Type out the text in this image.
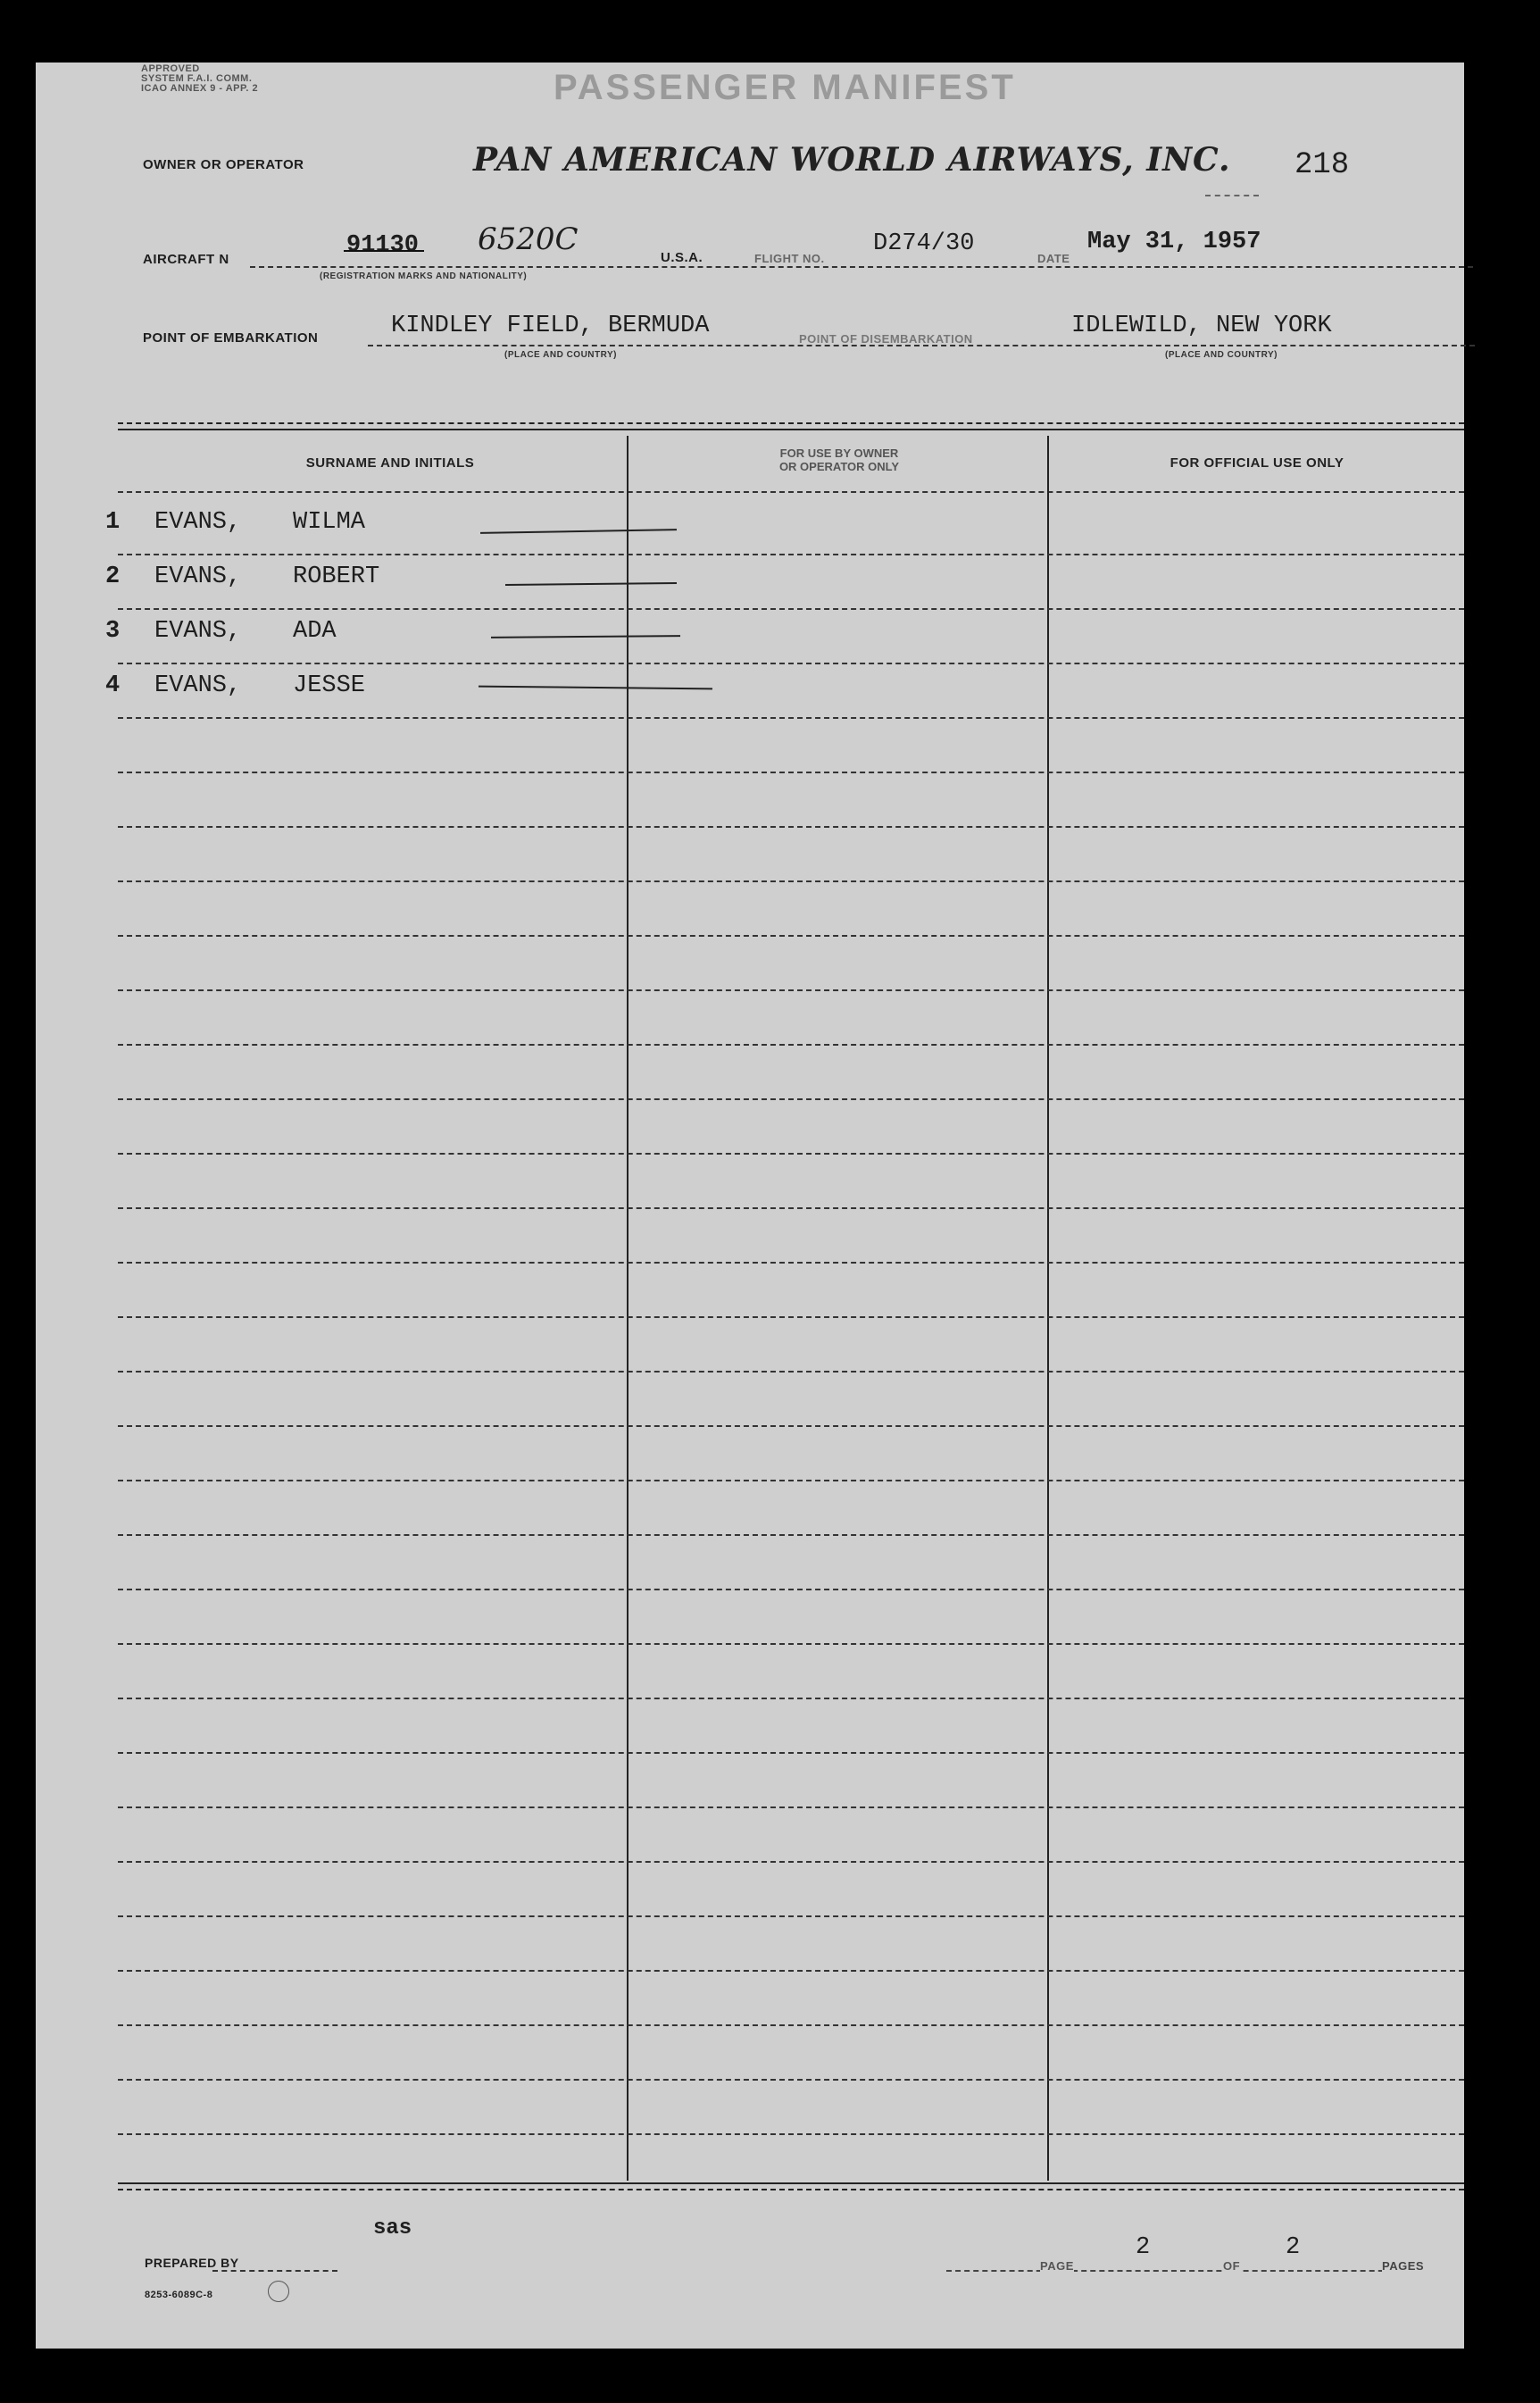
APPROVED
SYSTEM F.A.I. COMM.
ICAO ANNEX 9 - APP. 2	PASSENGER MANIFEST
OWNER OR OPERATOR	PAN AMERICAN WORLD AIRWAYS, INC. 218
AIRCRAFT N
91130 6520C
(REGISTRATION MARKS AND NATIONALITY)
U.S.A.	FLIGHT NO.
D274/30
DATE
May 31, 1957
POINT OF EMBARKATION	KINDLEY FIELD, BERMUDA
(PLACE AND COUNTRY)
POINT OF DISEMBARKATION	IDLEWILD, NEW YORK
(PLACE AND COUNTRY)
SURNAME AND INITIALS
FOR USE BY OWNER
OR OPERATOR ONLY	FOR OFFICIAL USE ONLY
1 EVANS, WILMA
2 EVANS, ROBERT
3 EVANS, ADA
4 EVANS, JESSE
sas
PREPARED BY
8253-6089C-8
PAGE
2
OF
2
PAGES
